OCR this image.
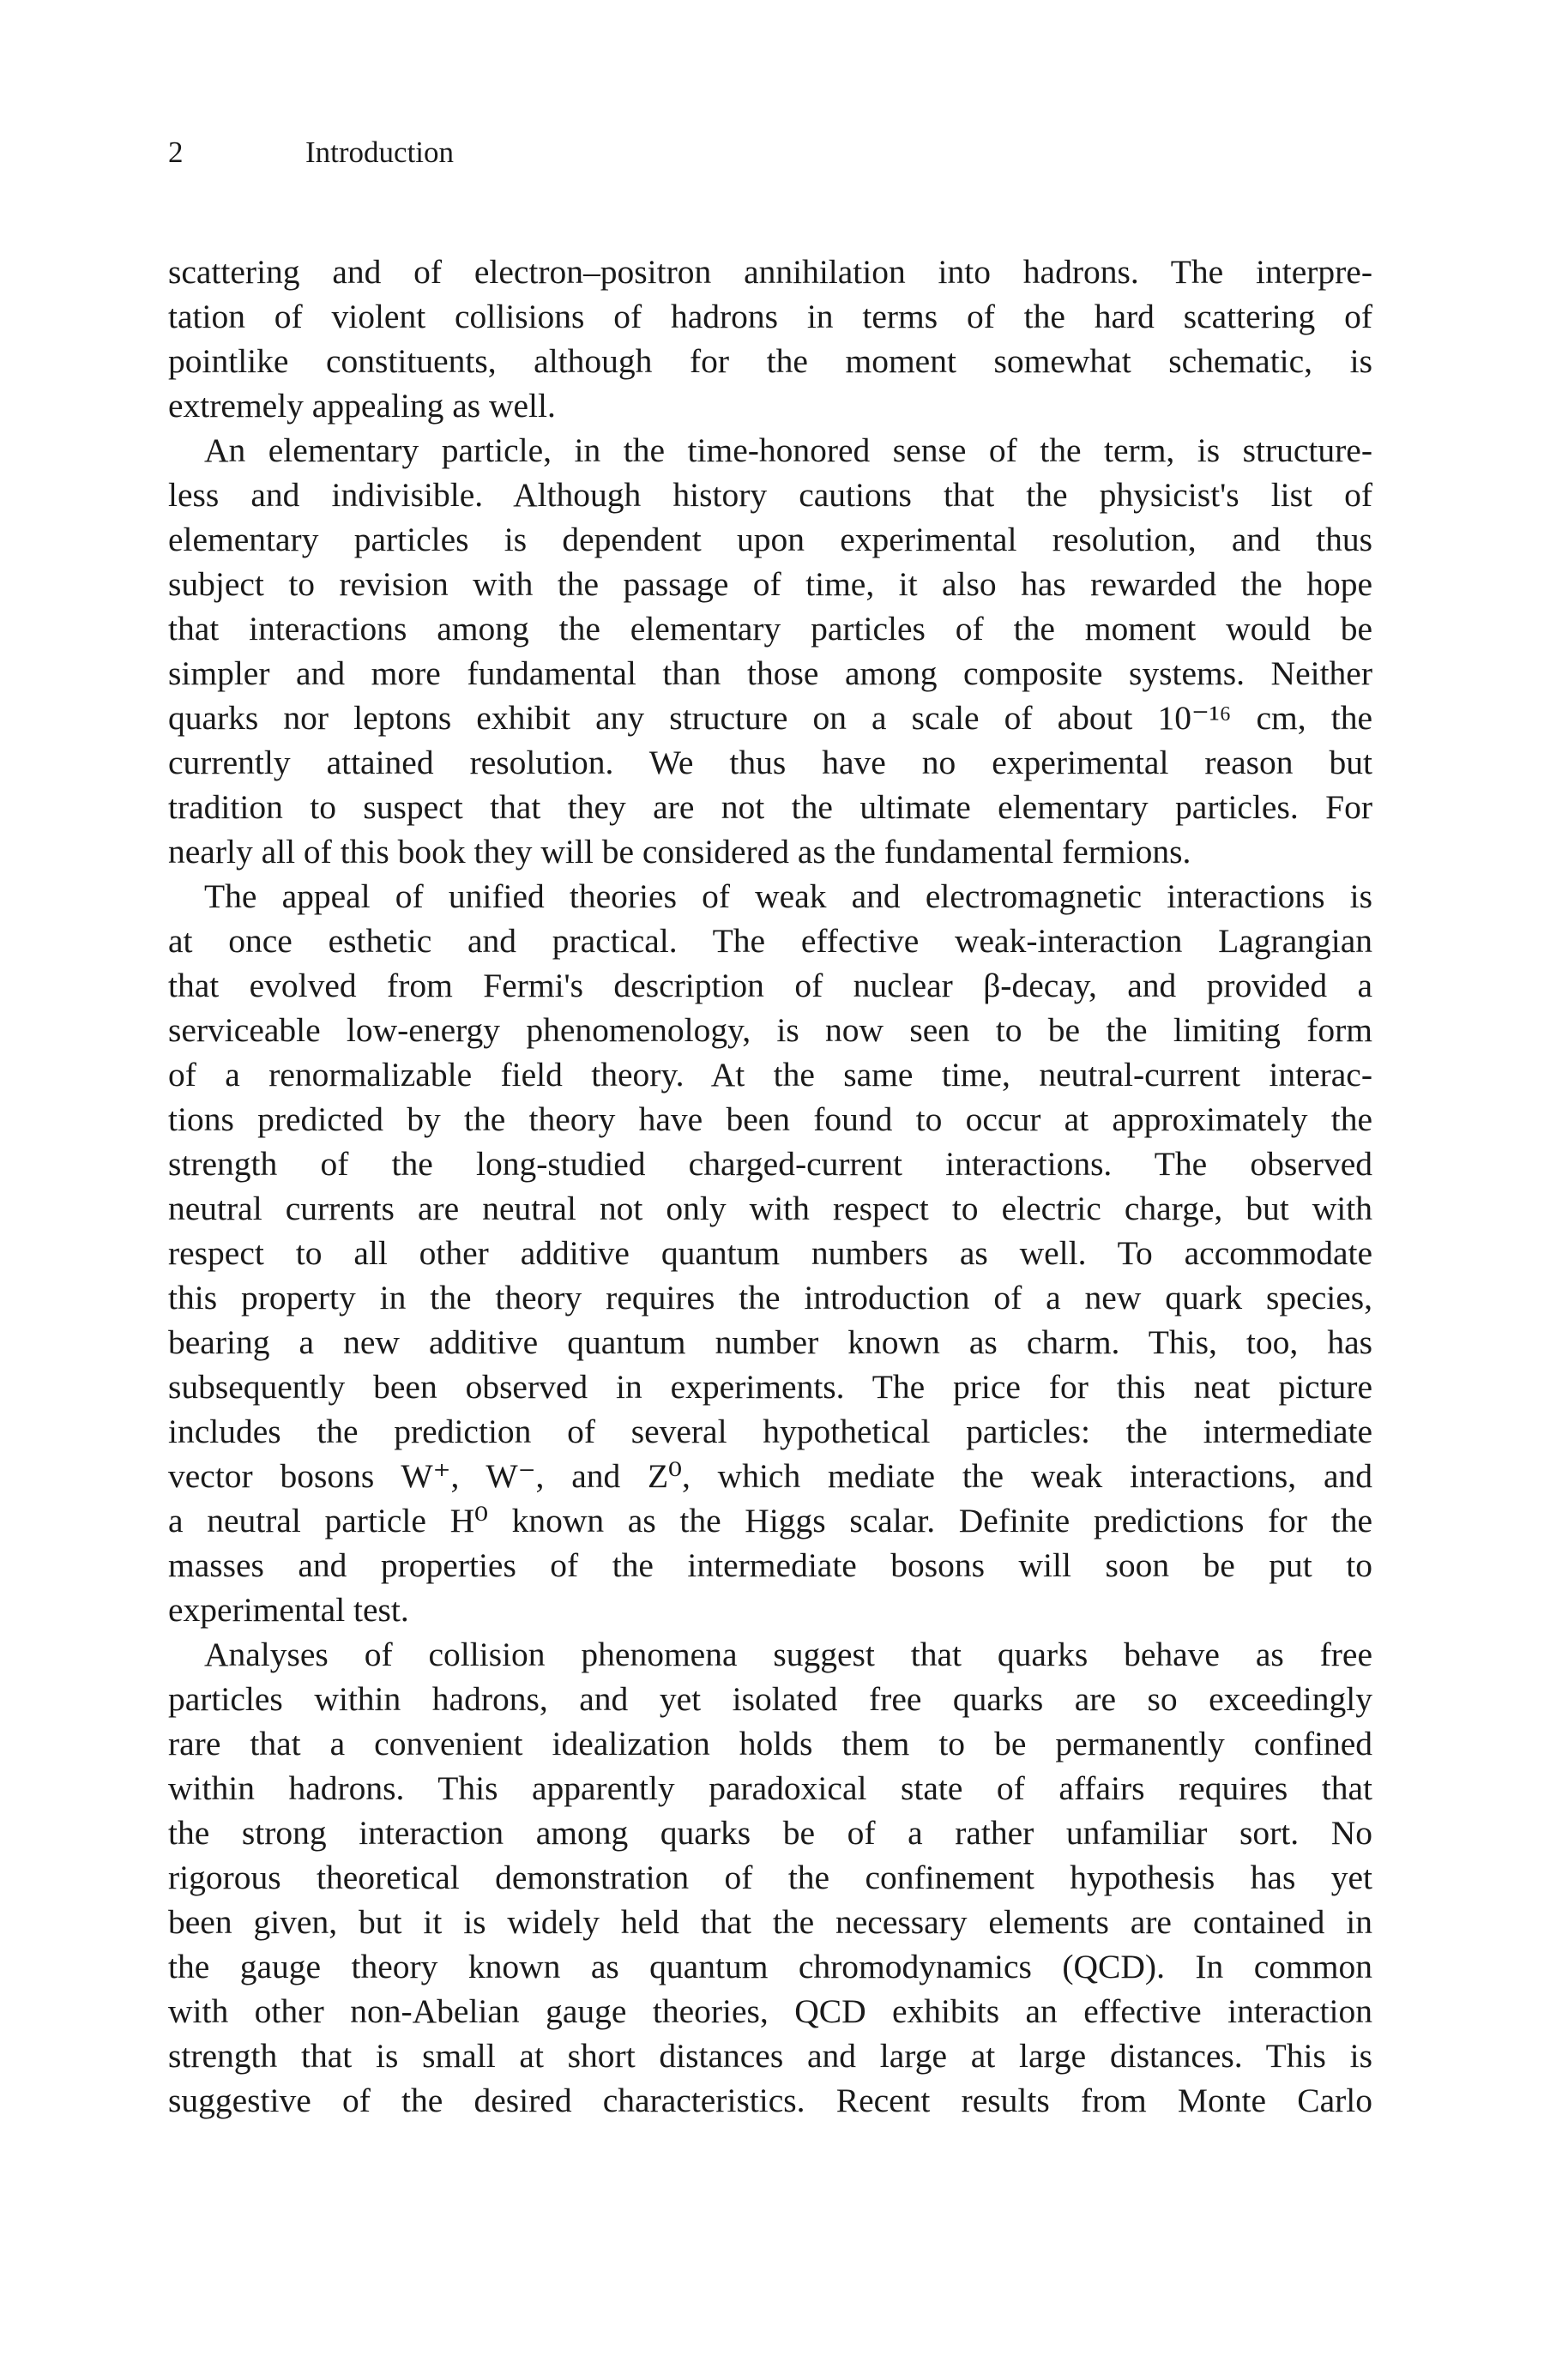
2	Introduction
scattering and of electron–positron annihilation into hadrons. The interpre-
tation of violent collisions of hadrons in terms of the hard scattering of
pointlike constituents, although for the moment somewhat schematic, is
extremely appealing as well.
An elementary particle, in the time-honored sense of the term, is structure-
less and indivisible. Although history cautions that the physicist's list of
elementary particles is dependent upon experimental resolution, and thus
subject to revision with the passage of time, it also has rewarded the hope
that interactions among the elementary particles of the moment would be
simpler and more fundamental than those among composite systems. Neither
quarks nor leptons exhibit any structure on a scale of about 10⁻¹⁶ cm, the
currently attained resolution. We thus have no experimental reason but
tradition to suspect that they are not the ultimate elementary particles. For
nearly all of this book they will be considered as the fundamental fermions.
The appeal of unified theories of weak and electromagnetic interactions is
at once esthetic and practical. The effective weak-interaction Lagrangian
that evolved from Fermi's description of nuclear β-decay, and provided a
serviceable low-energy phenomenology, is now seen to be the limiting form
of a renormalizable field theory. At the same time, neutral-current interac-
tions predicted by the theory have been found to occur at approximately the
strength of the long-studied charged-current interactions. The observed
neutral currents are neutral not only with respect to electric charge, but with
respect to all other additive quantum numbers as well. To accommodate
this property in the theory requires the introduction of a new quark species,
bearing a new additive quantum number known as charm. This, too, has
subsequently been observed in experiments. The price for this neat picture
includes the prediction of several hypothetical particles: the intermediate
vector bosons W⁺, W⁻, and Z⁰, which mediate the weak interactions, and
a neutral particle H⁰ known as the Higgs scalar. Definite predictions for the
masses and properties of the intermediate bosons will soon be put to
experimental test.
Analyses of collision phenomena suggest that quarks behave as free
particles within hadrons, and yet isolated free quarks are so exceedingly
rare that a convenient idealization holds them to be permanently confined
within hadrons. This apparently paradoxical state of affairs requires that
the strong interaction among quarks be of a rather unfamiliar sort. No
rigorous theoretical demonstration of the confinement hypothesis has yet
been given, but it is widely held that the necessary elements are contained in
the gauge theory known as quantum chromodynamics (QCD). In common
with other non-Abelian gauge theories, QCD exhibits an effective interaction
strength that is small at short distances and large at large distances. This is
suggestive of the desired characteristics. Recent results from Monte Carlo
